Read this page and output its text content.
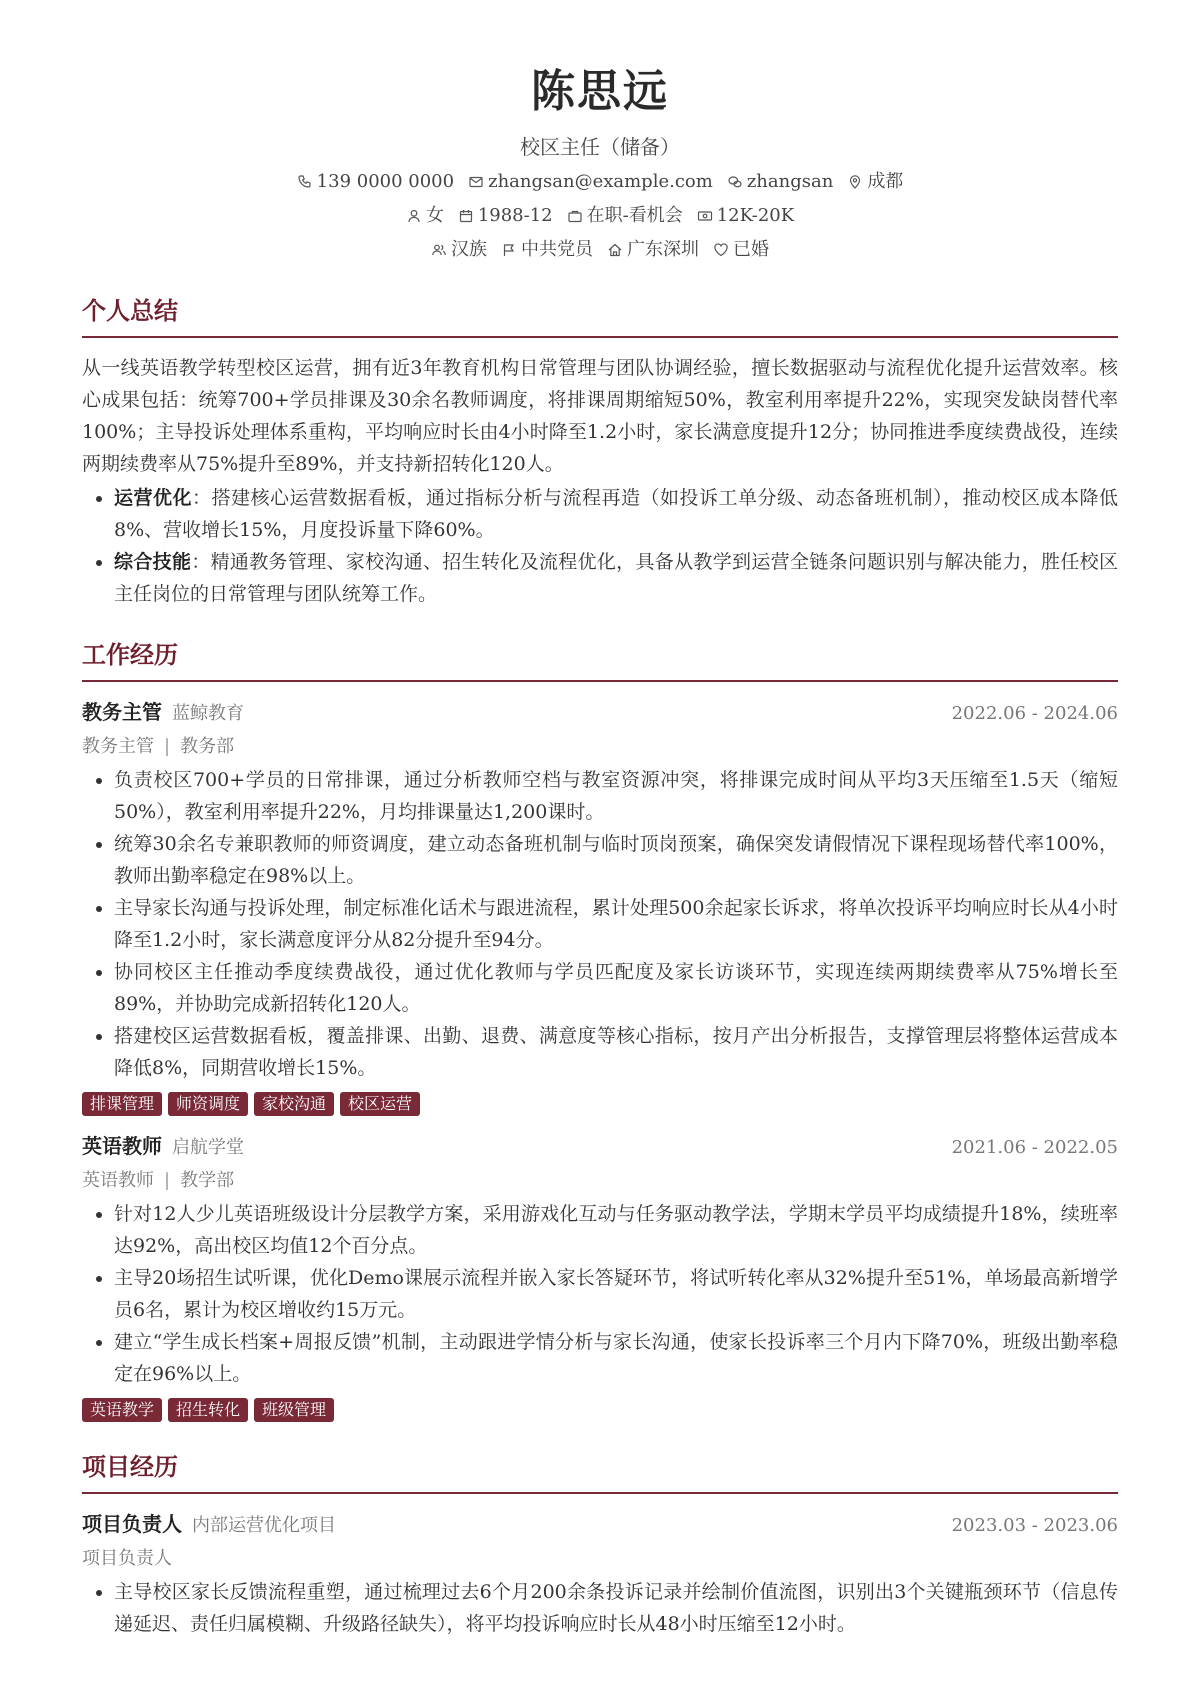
陈思远
校区主任（储备）
139 0000 0000 zhangsan@example.com zhangsan 成都
女 1988-12 在职-看机会 12K-20K
汉族 中共党员 广东深圳 已婚
个人总结

从一线英语教学转型校区运营，拥有近3年教育机构日常管理与团队协调经验，擅长数据驱动与流程优化提升运营效率。核心成果包括：统筹700+学员排课及30余名教师调度，将排课周期缩短50%，教室利用率提升22%，实现突发缺岗替代率100%；主导投诉处理体系重构，平均响应时长由4小时降至1.2小时，家长满意度提升12分；协同推进季度续费战役，连续两期续费率从75%提升至89%，并支持新招转化120人。

• 运营优化：搭建核心运营数据看板，通过指标分析与流程再造（如投诉工单分级、动态备班机制），推动校区成本降低8%、营收增长15%，月度投诉量下降60%。
• 综合技能：精通教务管理、家校沟通、招生转化及流程优化，具备从教学到运营全链条问题识别与解决能力，胜任校区主任岗位的日常管理与团队统筹工作。
工作经历
教务主管 蓝鲸教育	2022.06 - 2024.06
教务主管 | 教务部
• 负责校区700+学员的日常排课，通过分析教师空档与教室资源冲突，将排课完成时间从平均3天压缩至1.5天（缩短50%），教室利用率提升22%，月均排课量达1,200课时。
• 统筹30余名专兼职教师的师资调度，建立动态备班机制与临时顶岗预案，确保突发请假情况下课程现场替代率100%，教师出勤率稳定在98%以上。
• 主导家长沟通与投诉处理，制定标准化话术与跟进流程，累计处理500余起家长诉求，将单次投诉平均响应时长从4小时降至1.2小时，家长满意度评分从82分提升至94分。
• 协同校区主任推动季度续费战役，通过优化教师与学员匹配度及家长访谈环节，实现连续两期续费率从75%增长至89%，并协助完成新招转化120人。
• 搭建校区运营数据看板，覆盖排课、出勤、退费、满意度等核心指标，按月产出分析报告，支撑管理层将整体运营成本降低8%，同期营收增长15%。
排课管理	师资调度	家校沟通	校区运营
英语教师 启航学堂	2021.06 - 2022.05
英语教师 | 教学部
• 针对12人少儿英语班级设计分层教学方案，采用游戏化互动与任务驱动教学法，学期末学员平均成绩提升18%，续班率达92%，高出校区均值12个百分点。
• 主导20场招生试听课，优化Demo课展示流程并嵌入家长答疑环节，将试听转化率从32%提升至51%，单场最高新增学员6名，累计为校区增收约15万元。
• 建立“学生成长档案+周报反馈”机制，主动跟进学情分析与家长沟通，使家长投诉率三个月内下降70%，班级出勤率稳定在96%以上。
英语教学	招生转化	班级管理
项目经历
项目负责人 内部运营优化项目	2023.03 - 2023.06
项目负责人
• 主导校区家长反馈流程重塑，通过梳理过去6个月200余条投诉记录并绘制价值流图，识别出3个关键瓶颈环节（信息传递延迟、责任归属模糊、升级路径缺失），将平均投诉响应时长从48小时压缩至12小时。
